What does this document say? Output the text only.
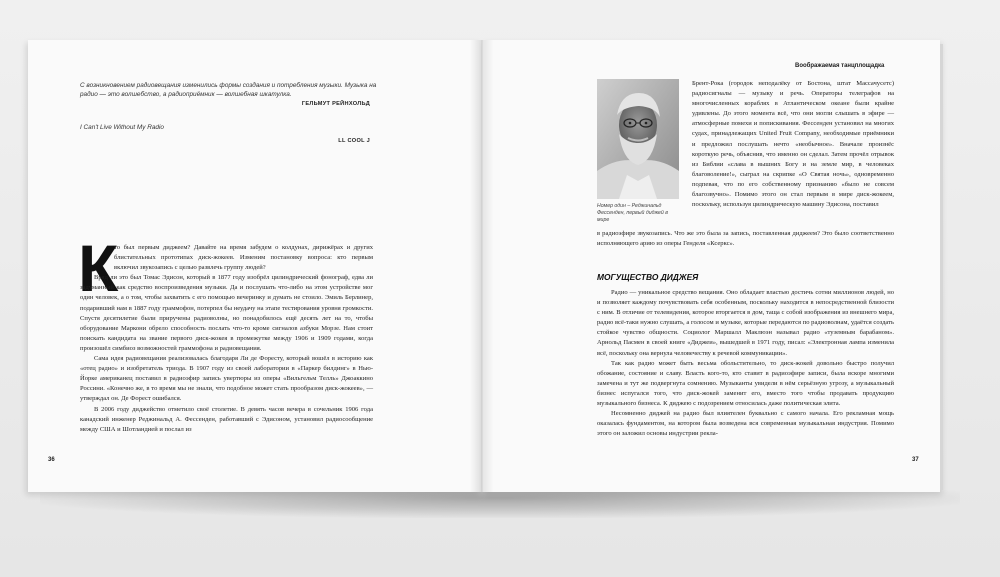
С возникновением радиовещания изменились формы создания и потребления музыки. Музыка на радио — это волшебство, а радиоприёмник — волшебная шкатулка.
ГЕЛЬМУТ РЕЙНХОЛЬД
I Can't Live Without My Radio
LL COOL J
К

то был первым диджеем? Давайте на время забудем о колдунах, дирижёрах и других блистательных прототипах диск-жокеев. Изменим постановку вопроса: кто первым включил звукозапись с целью развлечь группу людей?

Вряд ли это был Томас Эдисон, который в 1877 году изобрёл цилиндрический фонограф, едва ли задуманный как средство воспроизведения музыки. Да и послушать что-либо на этом устройстве мог один человек, а о том, чтобы захватить с его помощью вечеринку и думать не стоило. Эмиль Берлинер, подаривший нам в 1887 году граммофон, потерпел бы неудачу на этапе тестирования уровня громкости. Спустя десятилетие были приручены радиоволны, но понадобилось ещё десять лет на то, чтобы оборудование Маркони обрело способность послать что-то кроме сигналов азбуки Морзе. Нам стоит поискать кандидата на звание первого диск-жокея в промежутке между 1906 и 1909 годами, когда произошёл симбиоз возможностей граммофона и радиовещания.

Сама идея радиовещания реализовалась благодаря Ли де Форесту, который вошёл в историю как «отец радио» и изобретатель триода. В 1907 году из своей лаборатории в «Паркер билдинг» в Нью-Йорке американец поставил в радиоэфир запись увертюры из оперы «Вильгельм Телль» Джоаккино Россини. «Конечно же, в то время мы не знали, что подобное может стать прообразом диск-жокеев», — утверждал он. Де Форест ошибался.

В 2006 году диджейство отметило своё столетие. В девять часов вечера в сочельник 1906 года канадский инженер Реджинальд А. Фессенден, работавший с Эдисоном, установил радиосообщение между США и Шотландией и послал из

36
Воображаемая танцплощадка
Номер один – Реджинальд Фессенден, первый диджей в мире
Брент-Рока (городок неподалёку от Бостона, штат Массачусетс) радиосигналы — музыку и речь. Операторы телеграфов на многочисленных кораблях в Атлантическом океане были крайне удивлены. До этого момента всё, что они могли слышать в эфире — атмосферные помехи и попискивания. Фессенден установил на многих судах, принадлежащих United Fruit Company, необходимые приёмники и предложил послушать нечто «необычное». Вначале произнёс короткую речь, объяснив, что именно он сделал. Затем прочёл отрывок из Библии «слава в вышних Богу и на земле мир, в человеках благоволение!», сыграл на скрипке «О Святая ночь», одновременно подпевая, что по его собственному признанию «было не совсем благозвучно». Помимо этого он стал первым в мире диск-жокеем, поскольку, используя цилиндрическую машину Эдисона, поставил
в радиоэфире звукозапись. Что же это была за запись, поставленная диджеем? Это было соответственно исполняющего арию из оперы Генделя «Ксеркс».
МОГУЩЕСТВО ДИДЖЕЯ

Радио — уникальное средство вещания. Оно обладает властью достичь сотни миллионов людей, но и позволяет каждому почувствовать себя особенным, поскольку находится в непосредственной близости с ним. В отличие от телевидения, которое вторгается в дом, таща с собой изображения из внешнего мира, радио всё-таки нужно слушать, а голосом и музыке, которые передаются по радиоволнам, удаётся создать стойкое чувство общности. Социолог Маршалл Маклюэн называл радио «туземным барабаном». Арнольд Пасмен в своей книге «Диджеи», вышедшей в 1971 году, писал: «Электронная лампа изменила всё, поскольку она вернула человечеству к речевой коммуникации».

Так как радио может быть весьма обольстительно, то диск-жокей довольно быстро получил обожание, состояние и славу. Власть кого-то, кто ставит в радиоэфире записи, была вскоре многими замечена и тут же подвергнута сомнению. Музыканты увидели в нём серьёзную угрозу, а музыкальный бизнес испугался того, что диск-жокей заменит его, вместо того чтобы продавать продукцию музыкального бизнеса. К диджею с подозрением относилась даже политическая элита.

Несомненно диджей на радио был влиятелен буквально с самого начала. Его рекламная мощь оказалась фундаментом, на котором была возведена вся современная музыкальная индустрия. Помимо этого он заложил основы индустрии рекла-

37
